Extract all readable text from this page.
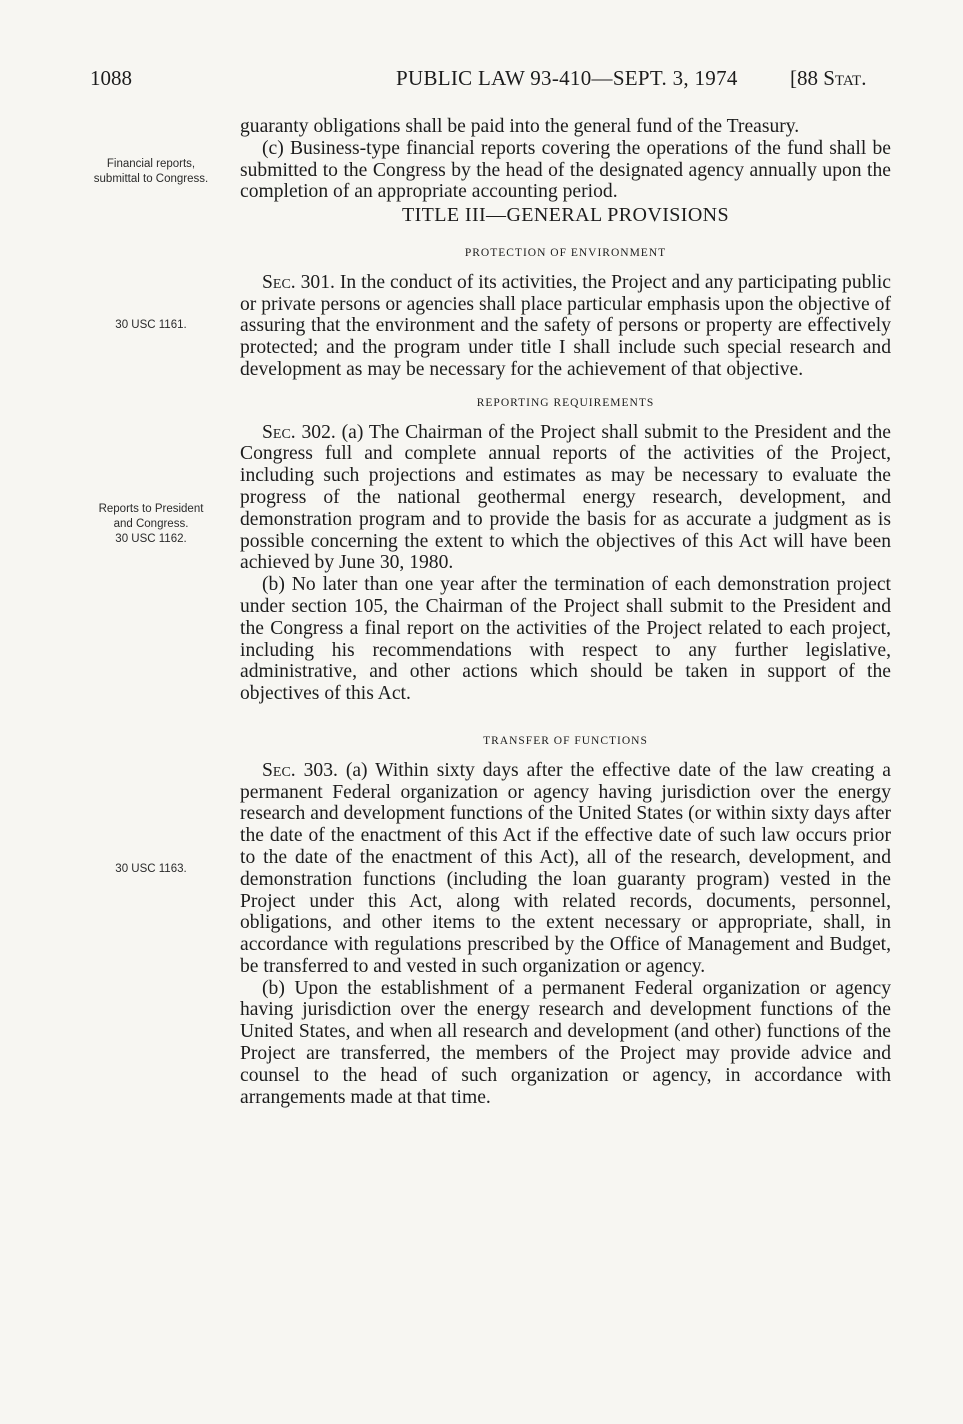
1088	PUBLIC LAW 93-410—SEPT. 3, 1974 [88 Stat.
Financial reports, submittal to Congress.
30 USC 1161.
Reports to President and Congress.
30 USC 1162.
30 USC 1163.

guaranty obligations shall be paid into the general fund of the Treasury.

(c) Business-type financial reports covering the operations of the fund shall be submitted to the Congress by the head of the designated agency annually upon the completion of an appropriate accounting period.

TITLE III—GENERAL PROVISIONS
PROTECTION OF ENVIRONMENT

Sec. 301. In the conduct of its activities, the Project and any participating public or private persons or agencies shall place particular emphasis upon the objective of assuring that the environment and the safety of persons or property are effectively protected; and the program under title I shall include such special research and development as may be necessary for the achievement of that objective.

REPORTING REQUIREMENTS

Sec. 302. (a) The Chairman of the Project shall submit to the President and the Congress full and complete annual reports of the activities of the Project, including such projections and estimates as may be necessary to evaluate the progress of the national geothermal energy research, development, and demonstration program and to provide the basis for as accurate a judgment as is possible concerning the extent to which the objectives of this Act will have been achieved by June 30, 1980.

(b) No later than one year after the termination of each demonstration project under section 105, the Chairman of the Project shall submit to the President and the Congress a final report on the activities of the Project related to each project, including his recommendations with respect to any further legislative, administrative, and other actions which should be taken in support of the objectives of this Act.

TRANSFER OF FUNCTIONS

Sec. 303. (a) Within sixty days after the effective date of the law creating a permanent Federal organization or agency having jurisdiction over the energy research and development functions of the United States (or within sixty days after the date of the enactment of this Act if the effective date of such law occurs prior to the date of the enactment of this Act), all of the research, development, and demonstration functions (including the loan guaranty program) vested in the Project under this Act, along with related records, documents, personnel, obligations, and other items to the extent necessary or appropriate, shall, in accordance with regulations prescribed by the Office of Management and Budget, be transferred to and vested in such organization or agency.

(b) Upon the establishment of a permanent Federal organization or agency having jurisdiction over the energy research and development functions of the United States, and when all research and development (and other) functions of the Project are transferred, the members of the Project may provide advice and counsel to the head of such organization or agency, in accordance with arrangements made at that time.
